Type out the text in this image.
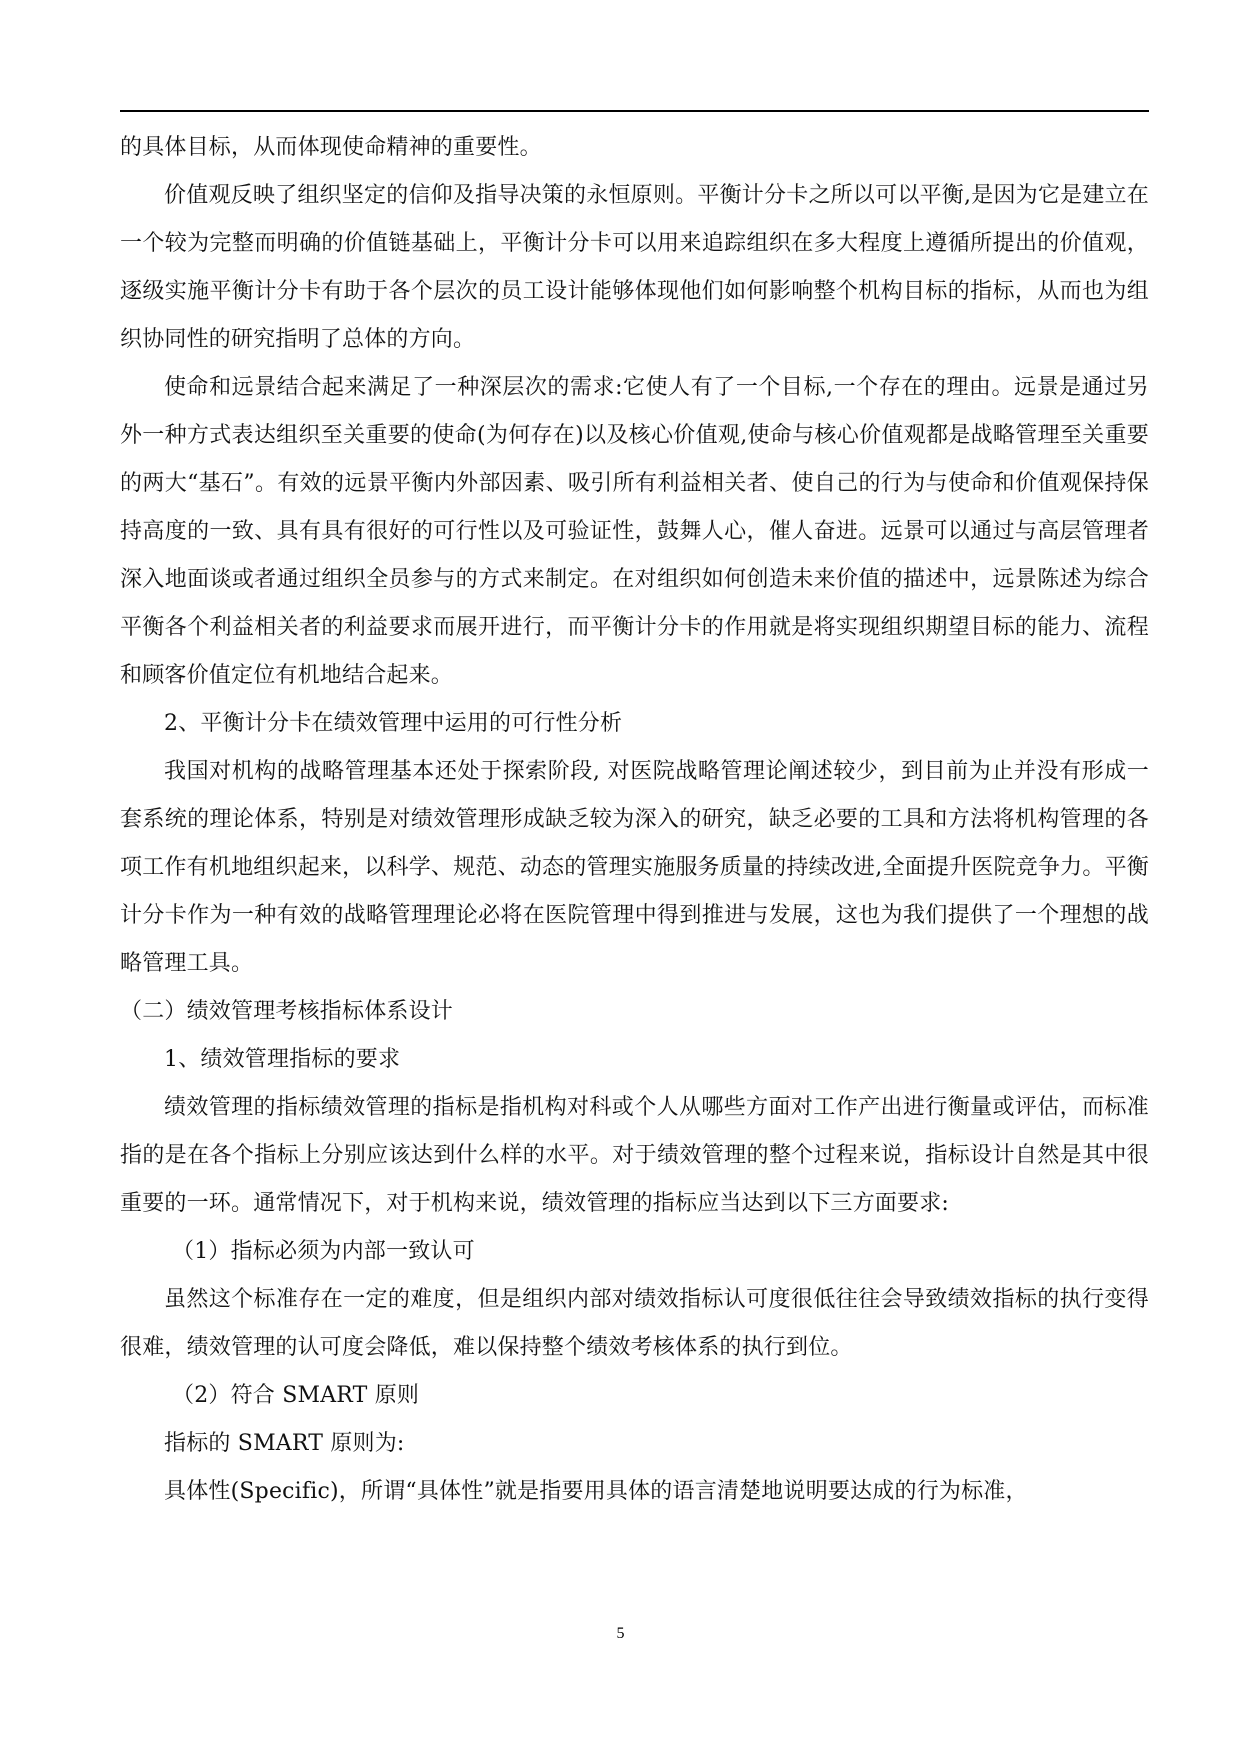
的具体目标，从而体现使命精神的重要性。

价值观反映了组织坚定的信仰及指导决策的永恒原则。平衡计分卡之所以可以平衡,是因为它是建立在一个较为完整而明确的价值链基础上，平衡计分卡可以用来追踪组织在多大程度上遵循所提出的价值观，逐级实施平衡计分卡有助于各个层次的员工设计能够体现他们如何影响整个机构目标的指标，从而也为组织协同性的研究指明了总体的方向。

使命和远景结合起来满足了一种深层次的需求:它使人有了一个目标,一个存在的理由。远景是通过另外一种方式表达组织至关重要的使命(为何存在)以及核心价值观,使命与核心价值观都是战略管理至关重要的两大“基石”。有效的远景平衡内外部因素、吸引所有利益相关者、使自己的行为与使命和价值观保持保持高度的一致、具有具有很好的可行性以及可验证性，鼓舞人心，催人奋进。远景可以通过与高层管理者深入地面谈或者通过组织全员参与的方式来制定。在对组织如何创造未来价值的描述中，远景陈述为综合平衡各个利益相关者的利益要求而展开进行，而平衡计分卡的作用就是将实现组织期望目标的能力、流程和顾客价值定位有机地结合起来。

2、平衡计分卡在绩效管理中运用的可行性分析

我国对机构的战略管理基本还处于探索阶段, 对医院战略管理论阐述较少，到目前为止并没有形成一套系统的理论体系，特别是对绩效管理形成缺乏较为深入的研究，缺乏必要的工具和方法将机构管理的各项工作有机地组织起来，以科学、规范、动态的管理实施服务质量的持续改进,全面提升医院竞争力。平衡计分卡作为一种有效的战略管理理论必将在医院管理中得到推进与发展，这也为我们提供了一个理想的战略管理工具。

（二）绩效管理考核指标体系设计

1、绩效管理指标的要求

绩效管理的指标绩效管理的指标是指机构对科或个人从哪些方面对工作产出进行衡量或评估，而标准指的是在各个指标上分别应该达到什么样的水平。对于绩效管理的整个过程来说，指标设计自然是其中很重要的一环。通常情况下，对于机构来说，绩效管理的指标应当达到以下三方面要求:

（1）指标必须为内部一致认可

虽然这个标准存在一定的难度，但是组织内部对绩效指标认可度很低往往会导致绩效指标的执行变得很难，绩效管理的认可度会降低，难以保持整个绩效考核体系的执行到位。

（2）符合 SMART 原则

指标的 SMART 原则为:

具体性(Specific)，所谓“具体性”就是指要用具体的语言清楚地说明要达成的行为标准，

5
